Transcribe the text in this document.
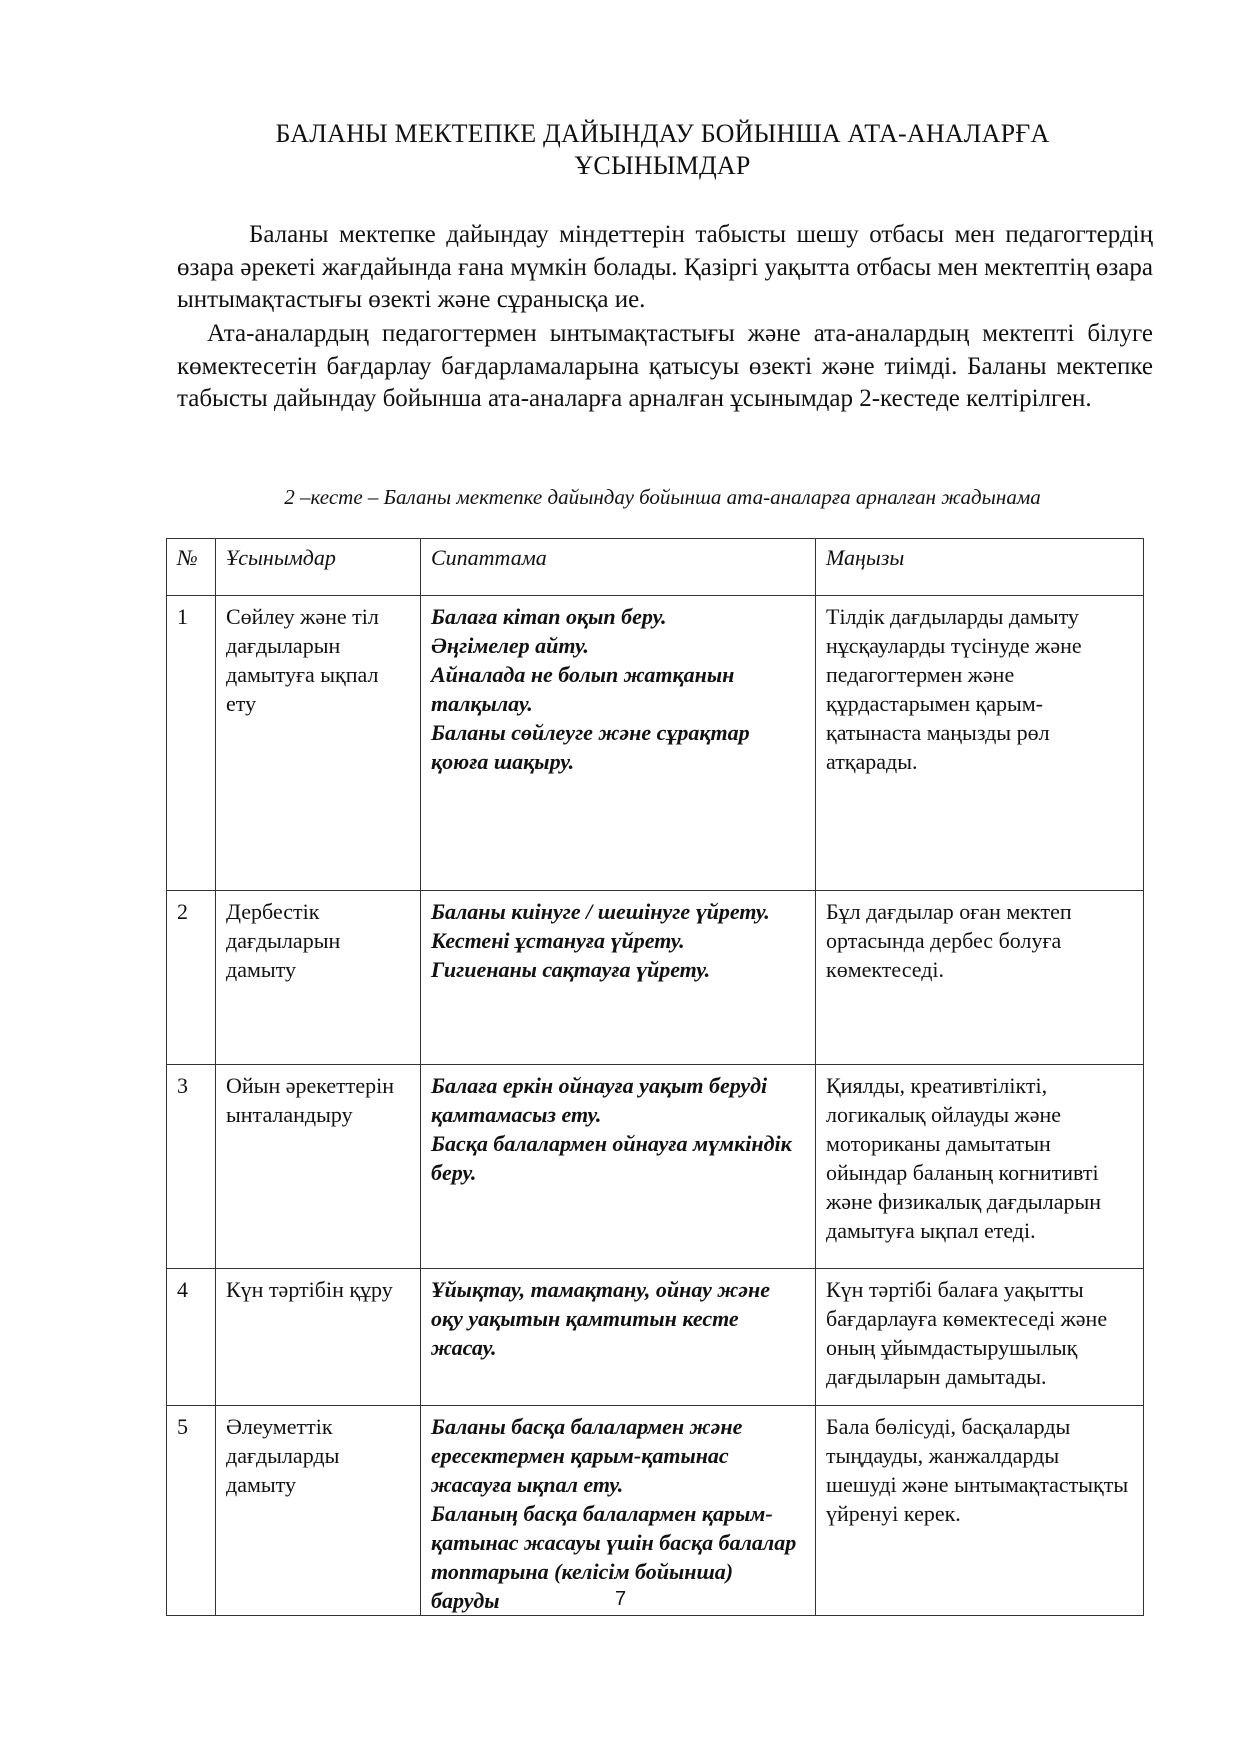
БАЛАНЫ МЕКТЕПКЕ ДАЙЫНДАУ БОЙЫНША АТА-АНАЛАРҒА
ҰСЫНЫМДАР

Баланы мектепке дайындау міндеттерін табысты шешу отбасы мен педагогтердің өзара әрекеті жағдайында ғана мүмкін болады. Қазіргі уақытта отбасы мен мектептің өзара ынтымақтастығы өзекті және сұранысқа ие.

Ата-аналардың педагогтермен ынтымақтастығы және ата-аналардың мектепті білуге көмектесетін бағдарлау бағдарламаларына қатысуы өзекті және тиімді. Баланы мектепке табысты дайындау бойынша ата-аналарға арналған ұсынымдар 2-кестеде келтірілген.

2 –кесте – Баланы мектепке дайындау бойынша ата-аналарға арналған жадынама

№	Ұсынымдар	Сипаттама	Маңызы
1	Сөйлеу және тіл дағдыларын дамытуға ықпал ету	Балаға кітап оқып беру.
Әңгімелер айту.
Айналада не болып жатқанын талқылау.
Баланы сөйлеуге және сұрақтар қоюға шақыру.	Тілдік дағдыларды дамыту нұсқауларды түсінуде және педагогтермен және құрдастарымен қарым-қатынаста маңызды рөл атқарады.
2	Дербестік дағдыларын дамыту	Баланы киінуге / шешінуге үйрету.
Кестені ұстануға үйрету.
Гигиенаны сақтауға үйрету.	Бұл дағдылар оған мектеп ортасында дербес болуға көмектеседі.
3	Ойын әрекеттерін ынталандыру	Балаға еркін ойнауға уақыт беруді қамтамасыз ету.
Басқа балалармен ойнауға мүмкіндік беру.	Қиялды, креативтілікті, логикалық ойлауды және моториканы дамытатын ойындар баланың когнитивті және физикалық дағдыларын дамытуға ықпал етеді.
4	Күн тәртібін құру	Ұйықтау, тамақтану, ойнау және оқу уақытын қамтитын кесте жасау.	Күн тәртібі балаға уақытты бағдарлауға көмектеседі және оның ұйымдастырушылық дағдыларын дамытады.
5	Әлеуметтік дағдыларды дамыту	Баланы басқа балалармен және ересектермен қарым-қатынас жасауға ықпал ету.
Баланың басқа балалармен қарым-қатынас жасауы үшін басқа балалар топтарына (келісім бойынша) баруды	Бала бөлісуді, басқаларды тыңдауды, жанжалдарды шешуді және ынтымақтастықты үйренуі керек.

7
